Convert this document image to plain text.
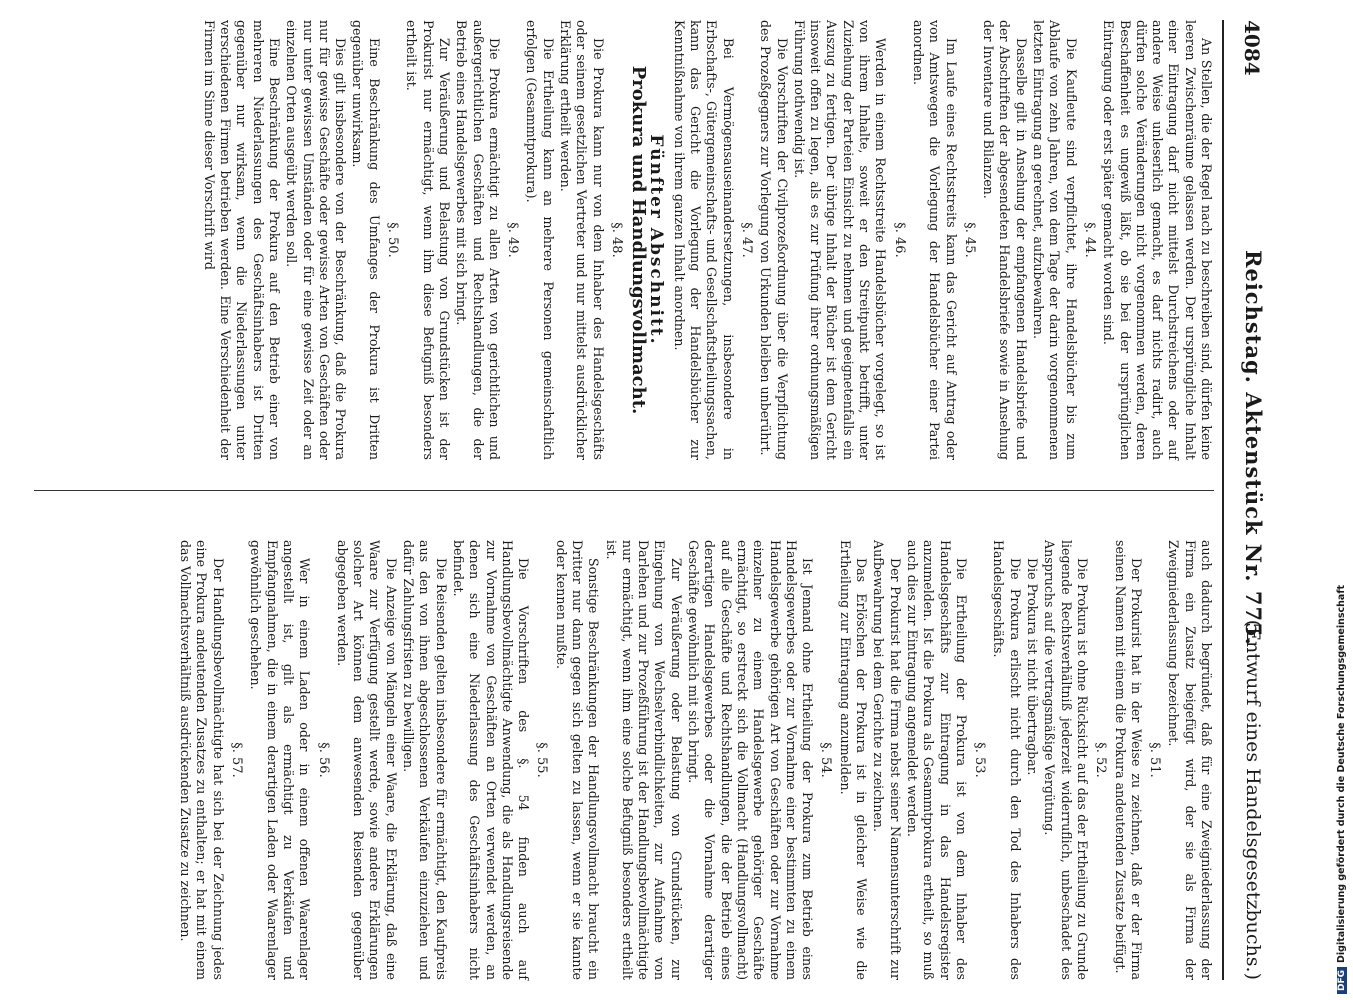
4084
Reichstag. Aktenstück Nr. 775.
(Entwurf eines Handelsgesetzbuchs.)

An Stellen, die der Regel nach zu beschreiben sind, dürfen keine leeren Zwischenräume gelassen werden. Der ursprüngliche Inhalt einer Eintragung darf nicht mittelst Durchstreichens oder auf andere Weise unleserlich gemacht, es darf nichts radirt, auch dürfen solche Veränderungen nicht vorgenommen werden, deren Beschaffenheit es ungewiß läßt, ob sie bei der ursprünglichen Eintragung oder erst später gemacht worden sind.

§. 44.

Die Kaufleute sind verpflichtet, ihre Handelsbücher bis zum Ablaufe von zehn Jahren, von dem Tage der darin vorgenommenen letzten Eintragung an gerechnet, aufzubewahren.

Dasselbe gilt in Ansehung der empfangenen Handelsbriefe und der Abschriften der abgesendeten Handelsbriefe sowie in Ansehung der Inventare und Bilanzen.

§. 45.

Im Laufe eines Rechtsstreits kann das Gericht auf Antrag oder von Amtswegen die Vorlegung der Handelsbücher einer Partei anordnen.

§. 46.

Werden in einem Rechtsstreite Handelsbücher vorgelegt, so ist von ihrem Inhalte, soweit er den Streitpunkt betrifft, unter Zuziehung der Parteien Einsicht zu nehmen und geeignetenfalls ein Auszug zu fertigen. Der übrige Inhalt der Bücher ist dem Gericht insoweit offen zu legen, als es zur Prüfung ihrer ordnungsmäßigen Führung nothwendig ist.

Die Vorschriften der Civilprozeßordnung über die Verpflichtung des Prozeßgegners zur Vorlegung von Urkunden bleiben unberührt.

§. 47.

Bei Vermögensauseinandersetzungen, insbesondere in Erbschafts-, Gütergemeinschafts- und Gesellschaftstheilungssachen, kann das Gericht die Vorlegung der Handelsbücher zur Kenntnißnahme von ihrem ganzen Inhalt anordnen.

Fünfter Abschnitt.

Prokura und Handlungsvollmacht.

§. 48.

Die Prokura kann nur von dem Inhaber des Handelsgeschäfts oder seinem gesetzlichen Vertreter und nur mittelst ausdrücklicher Erklärung ertheilt werden.

Die Ertheilung kann an mehrere Personen gemeinschaftlich erfolgen (Gesammtprokura).

§. 49.

Die Prokura ermächtigt zu allen Arten von gerichtlichen und außergerichtlichen Geschäften und Rechtshandlungen, die der Betrieb eines Handelsgewerbes mit sich bringt.

Zur Veräußerung und Belastung von Grundstücken ist der Prokurist nur ermächtigt, wenn ihm diese Befugniß besonders ertheilt ist.

§. 50.

Eine Beschränkung des Umfanges der Prokura ist Dritten gegenüber unwirksam.

Dies gilt insbesondere von der Beschränkung, daß die Prokura nur für gewisse Geschäfte oder gewisse Arten von Geschäften oder nur unter gewissen Umständen oder für eine gewisse Zeit oder an einzelnen Orten ausgeübt werden soll.

Eine Beschränkung der Prokura auf den Betrieb einer von mehreren Niederlassungen des Geschäftsinhabers ist Dritten gegenüber nur wirksam, wenn die Niederlassungen unter verschiedenen Firmen betrieben werden. Eine Verschiedenheit der Firmen im Sinne dieser Vorschrift wird

auch dadurch begründet, daß für eine Zweigniederlassung der Firma ein Zusatz beigefügt wird, der sie als Firma der Zweigniederlassung bezeichnet.

§. 51.

Der Prokurist hat in der Weise zu zeichnen, daß er der Firma seinen Namen mit einem die Prokura andeutenden Zusatze beifügt.

§. 52.

Die Prokura ist ohne Rücksicht auf das der Ertheilung zu Grunde liegende Rechtsverhältniß jederzeit widerruflich, unbeschadet des Anspruchs auf die vertragsmäßige Vergütung.

Die Prokura ist nicht übertragbar.

Die Prokura erlischt nicht durch den Tod des Inhabers des Handelsgeschäfts.

§. 53.

Die Ertheilung der Prokura ist von dem Inhaber des Handelsgeschäfts zur Eintragung in das Handelsregister anzumelden. Ist die Prokura als Gesammtprokura ertheilt, so muß auch dies zur Eintragung angemeldet werden.

Der Prokurist hat die Firma nebst seiner Namensunterschrift zur Aufbewahrung bei dem Gerichte zu zeichnen.

Das Erlöschen der Prokura ist in gleicher Weise wie die Ertheilung zur Eintragung anzumelden.

§. 54.

Ist Jemand ohne Ertheilung der Prokura zum Betrieb eines Handelsgewerbes oder zur Vornahme einer bestimmten zu einem Handelsgewerbe gehörigen Art von Geschäften oder zur Vornahme einzelner zu einem Handelsgewerbe gehöriger Geschäfte ermächtigt, so erstreckt sich die Vollmacht (Handlungsvollmacht) auf alle Geschäfte und Rechtshandlungen, die der Betrieb eines derartigen Handelsgewerbes oder die Vornahme derartiger Geschäfte gewöhnlich mit sich bringt.

Zur Veräußerung oder Belastung von Grundstücken, zur Eingehung von Wechselverbindlichkeiten, zur Aufnahme von Darlehen und zur Prozeßführung ist der Handlungsbevollmächtigte nur ermächtigt, wenn ihm eine solche Befugniß besonders ertheilt ist.

Sonstige Beschränkungen der Handlungsvollmacht braucht ein Dritter nur dann gegen sich gelten zu lassen, wenn er sie kannte oder kennen mußte.

§. 55.

Die Vorschriften des §. 54 finden auch auf Handlungsbevollmächtigte Anwendung, die als Handlungsreisende zur Vornahme von Geschäften an Orten verwendet werden, an denen sich eine Niederlassung des Geschäftsinhabers nicht befindet.

Die Reisenden gelten insbesondere für ermächtigt, den Kaufpreis aus den von ihnen abgeschlossenen Verkäufen einzuziehen und dafür Zahlungsfristen zu bewilligen.

Die Anzeige von Mängeln einer Waare, die Erklärung, daß eine Waare zur Verfügung gestellt werde, sowie andere Erklärungen solcher Art können dem anwesenden Reisenden gegenüber abgegeben werden.

§. 56.

Wer in einem Laden oder in einem offenen Waarenlager angestellt ist, gilt als ermächtigt zu Verkäufen und Empfangnahmen, die in einem derartigen Laden oder Waarenlager gewöhnlich geschehen.

§. 57.

Der Handlungsbevollmächtigte hat sich bei der Zeichnung jedes eine Prokura andeutenden Zusatzes zu enthalten; er hat mit einem das Vollmachtsverhältniß ausdrückenden Zusatze zu zeichnen.

DFGDigitalisierung gefördert durch die Deutsche Forschungsgemeinschaft
